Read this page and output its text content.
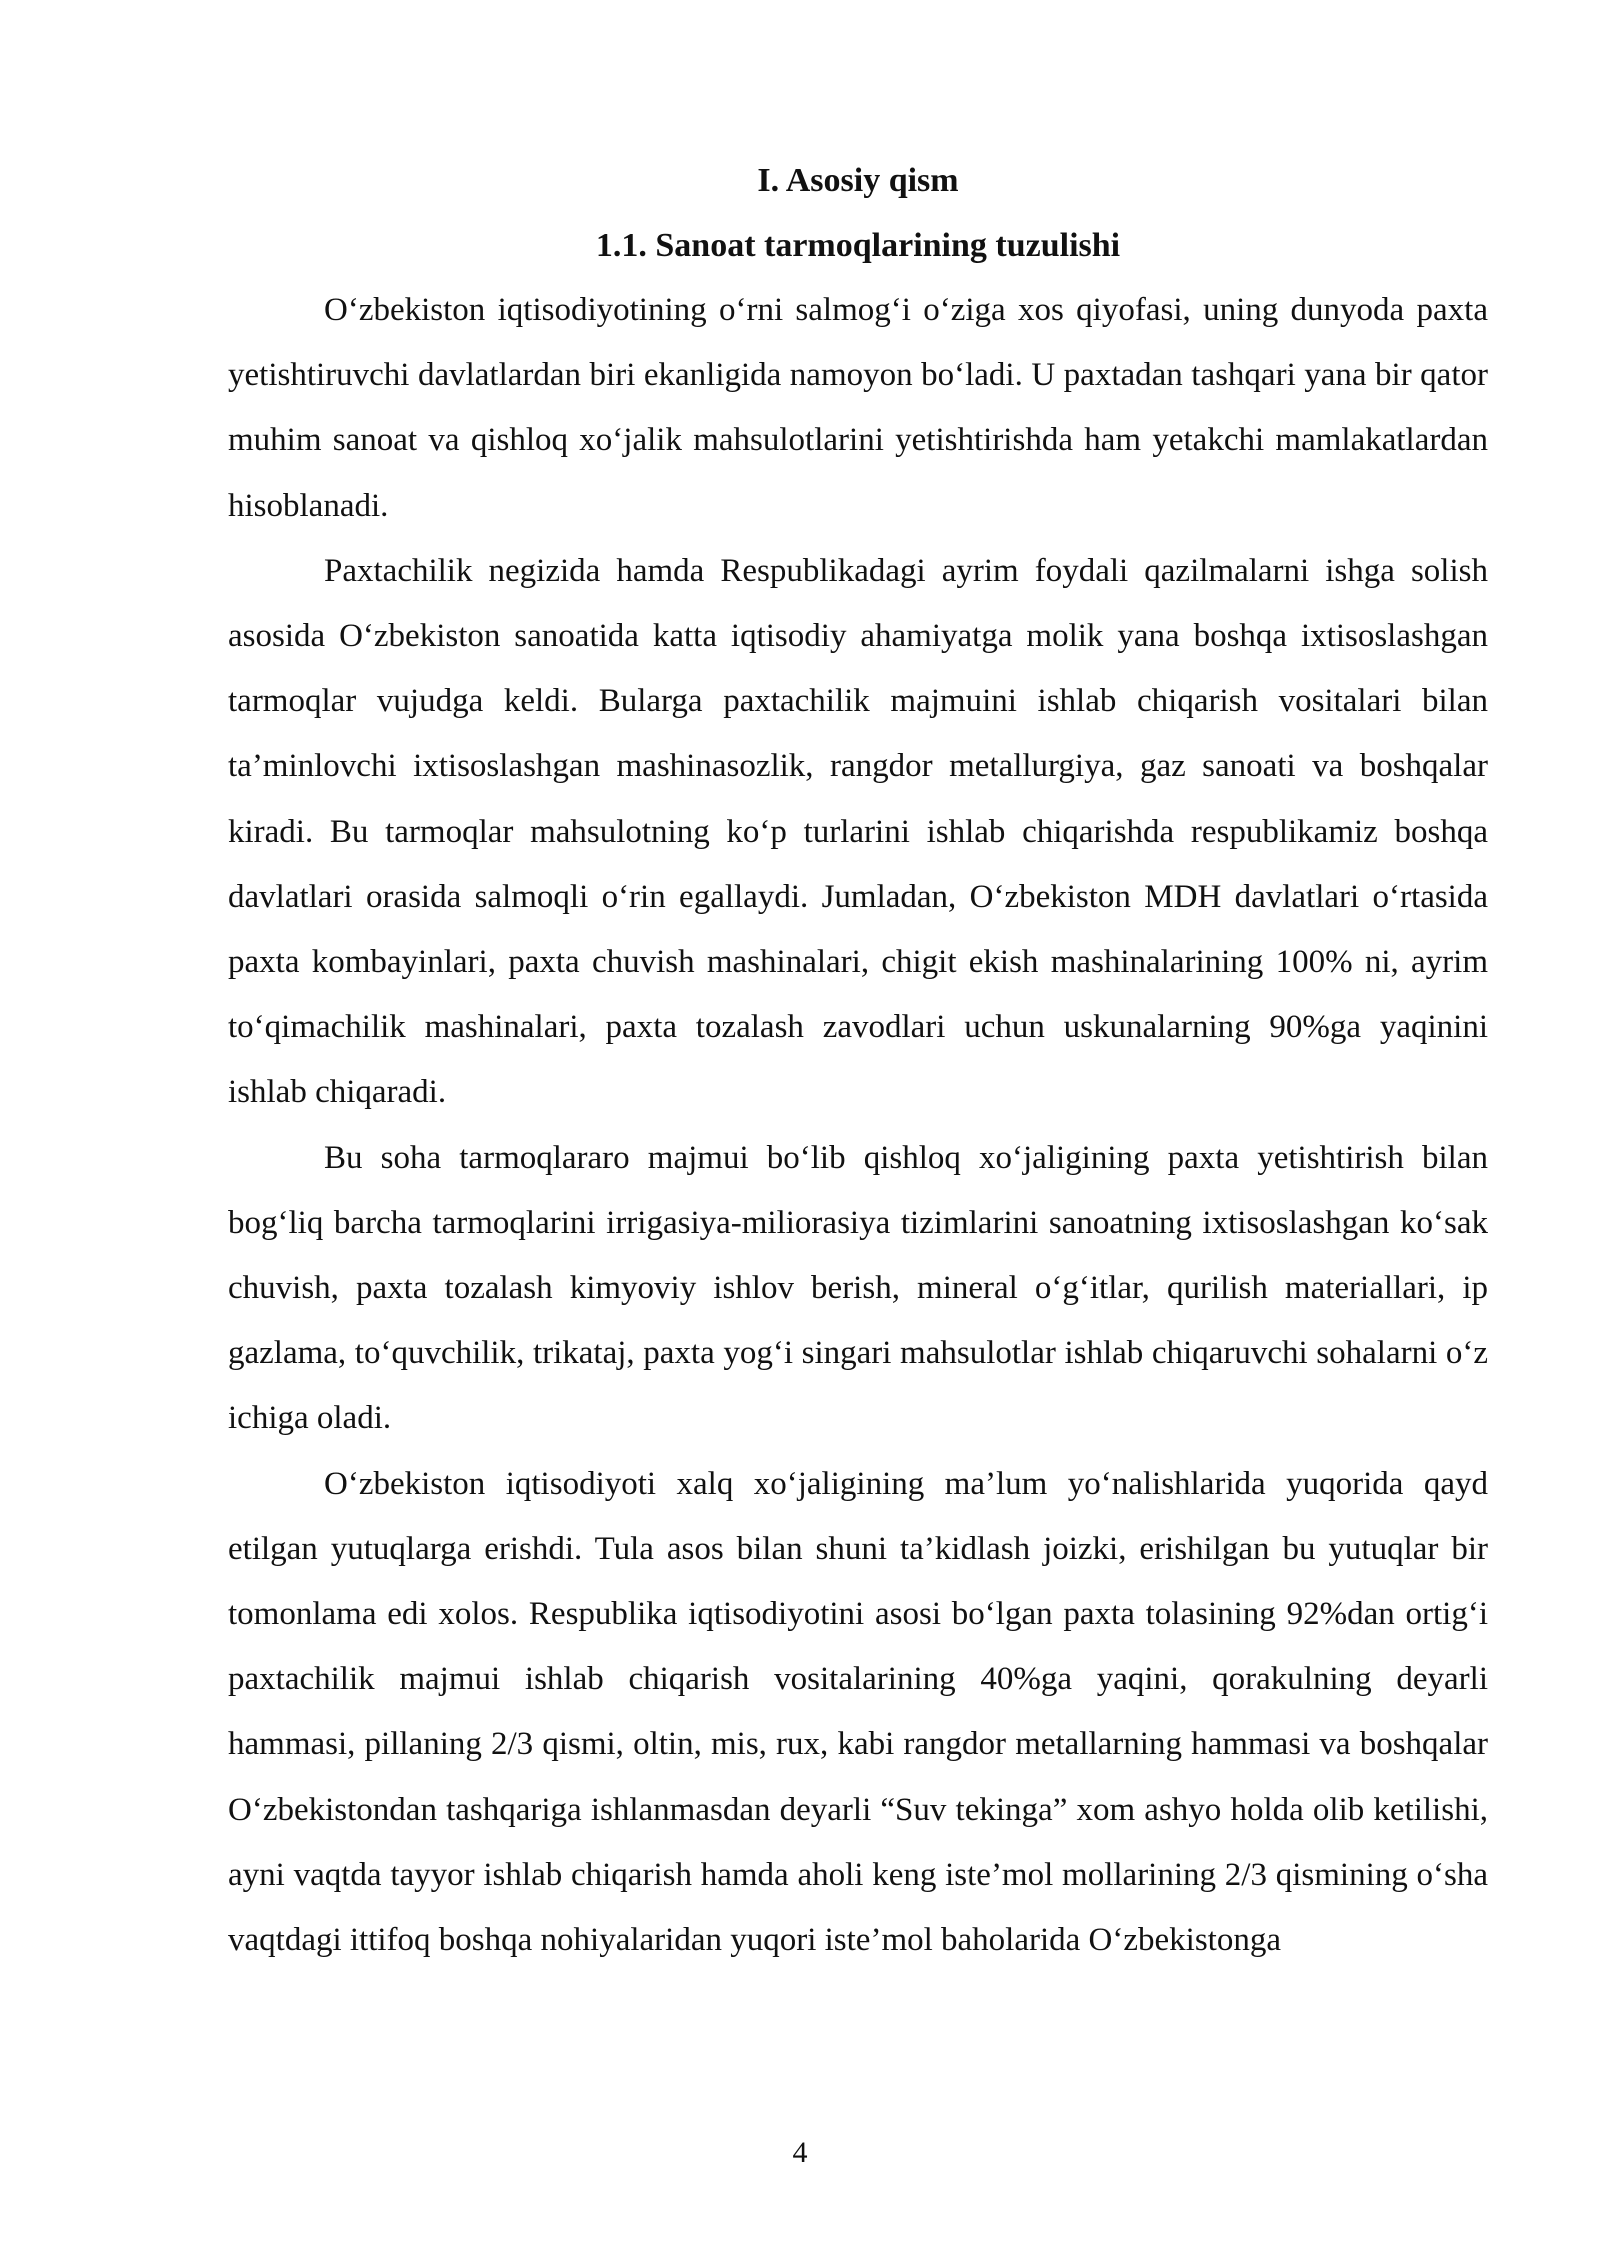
I. Asosiy qism
1.1. Sanoat tarmoqlarining tuzulishi

O‘zbekiston iqtisodiyotining o‘rni salmog‘i o‘ziga xos qiyofasi, uning dunyoda paxta yetishtiruvchi davlatlardan biri ekanligida namoyon bo‘ladi. U paxtadan tashqari yana bir qator muhim sanoat va qishloq xo‘jalik mahsulotlarini yetishtirishda ham yetakchi mamlakatlardan hisoblanadi.

Paxtachilik negizida hamda Respublikadagi ayrim foydali qazilmalarni ishga solish asosida O‘zbekiston sanoatida katta iqtisodiy ahamiyatga molik yana boshqa ixtisoslashgan tarmoqlar vujudga keldi. Bularga paxtachilik majmuini ishlab chiqarish vositalari bilan ta’minlovchi ixtisoslashgan mashinasozlik, rangdor metallurgiya, gaz sanoati va boshqalar kiradi. Bu tarmoqlar mahsulotning ko‘p turlarini ishlab chiqarishda respublikamiz boshqa davlatlari orasida salmoqli o‘rin egallaydi. Jumladan, O‘zbekiston MDH davlatlari o‘rtasida paxta kombayinlari, paxta chuvish mashinalari, chigit ekish mashinalarining 100% ni, ayrim to‘qimachilik mashinalari, paxta tozalash zavodlari uchun uskunalarning 90%ga yaqinini ishlab chiqaradi.

Bu soha tarmoqlararo majmui bo‘lib qishloq xo‘jaligining paxta yetishtirish bilan bog‘liq barcha tarmoqlarini irrigasiya-miliorasiya tizimlarini sanoatning ixtisoslashgan ko‘sak chuvish, paxta tozalash kimyoviy ishlov berish, mineral o‘g‘itlar, qurilish materiallari, ip gazlama, to‘quvchilik, trikataj, paxta yog‘i singari mahsulotlar ishlab chiqaruvchi sohalarni o‘z ichiga oladi.

O‘zbekiston iqtisodiyoti xalq xo‘jaligining ma’lum yo‘nalishlarida yuqorida qayd etilgan yutuqlarga erishdi. Tula asos bilan shuni ta’kidlash joizki, erishilgan bu yutuqlar bir tomonlama edi xolos. Respublika iqtisodiyotini asosi bo‘lgan paxta tolasining 92%dan ortig‘i paxtachilik majmui ishlab chiqarish vositalarining 40%ga yaqini, qorakulning deyarli hammasi, pillaning 2/3 qismi, oltin, mis, rux, kabi rangdor metallarning hammasi va boshqalar O‘zbekistondan tashqariga ishlanmasdan deyarli “Suv tekinga” xom ashyo holda olib ketilishi, ayni vaqtda tayyor ishlab chiqarish hamda aholi keng iste’mol mollarining 2/3 qismining o‘sha vaqtdagi ittifoq boshqa nohiyalaridan yuqori iste’mol baholarida O‘zbekistonga

4
